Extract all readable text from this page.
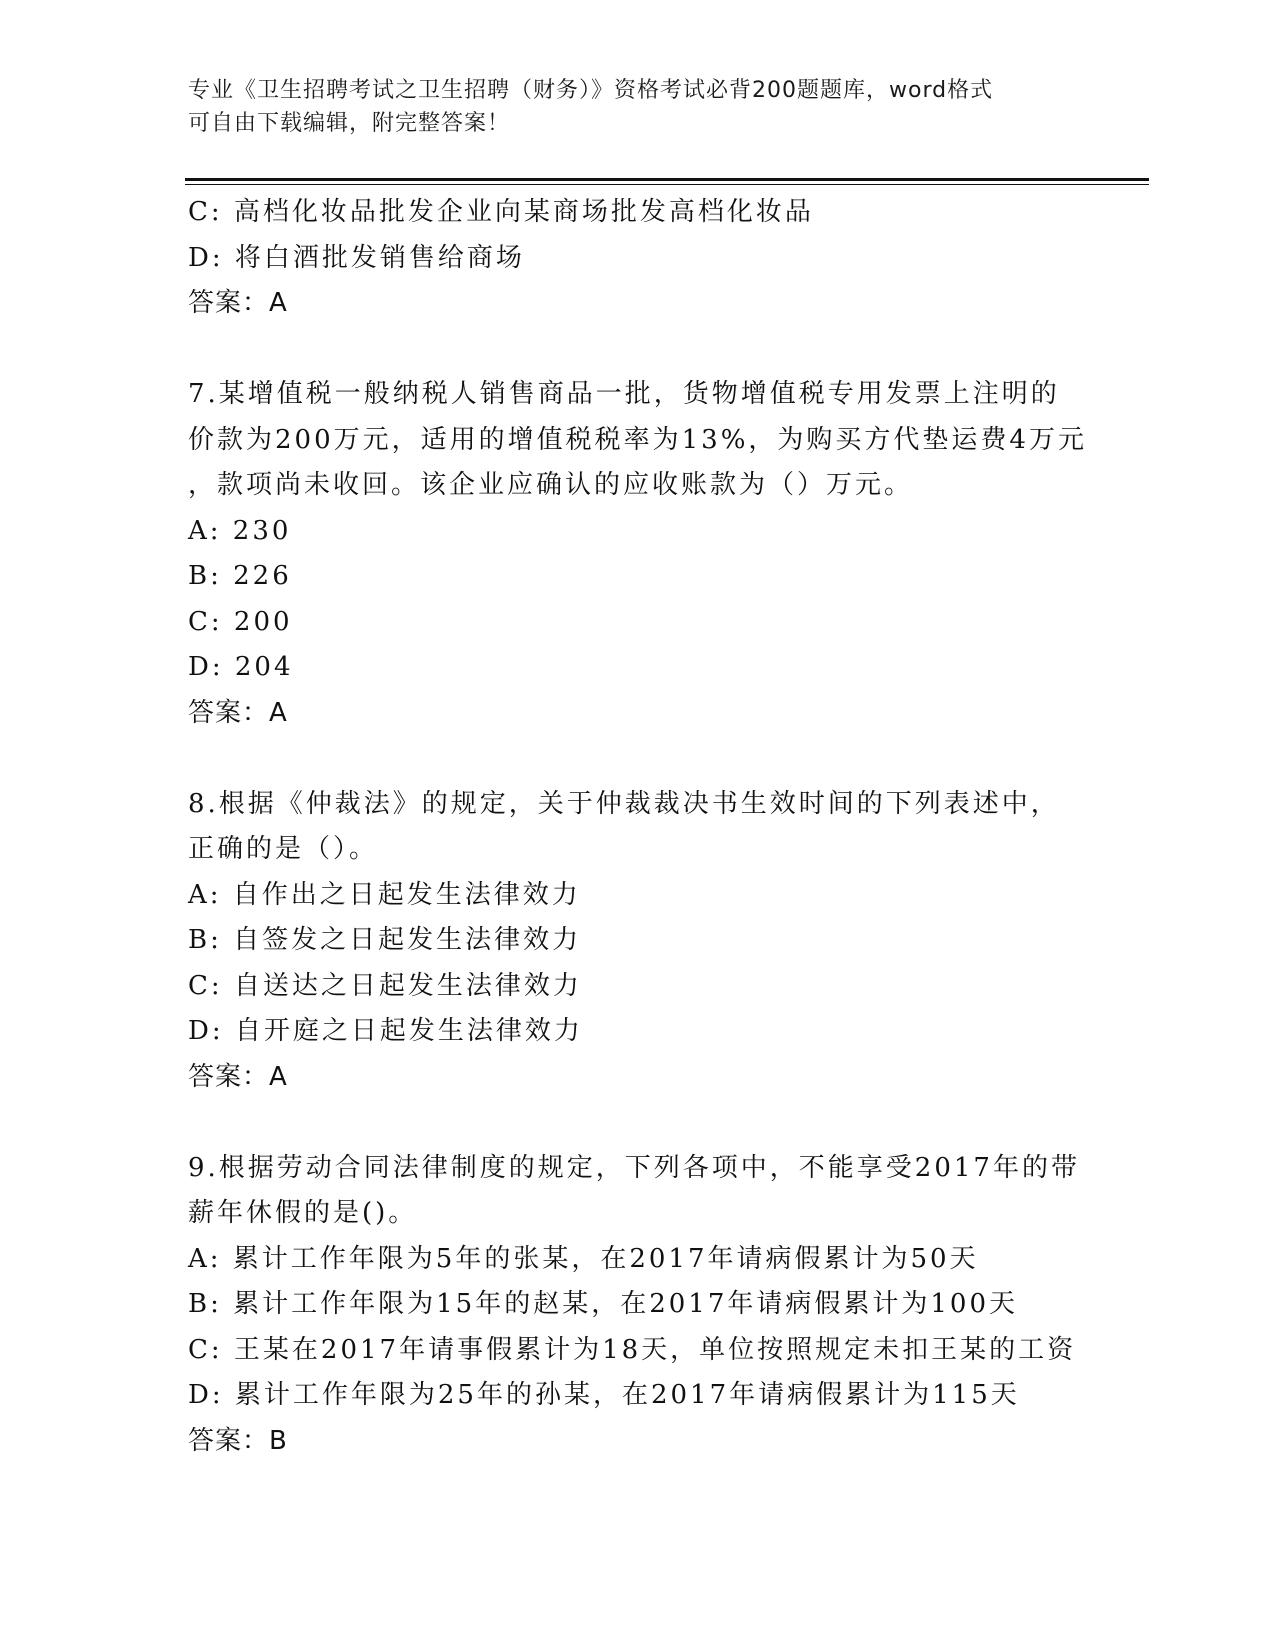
专业《卫生招聘考试之卫生招聘（财务）》资格考试必背200题题库，word格式
可自由下载编辑，附完整答案！
C: 高档化妆品批发企业向某商场批发高档化妆品
D: 将白酒批发销售给商场
答案：A
7.某增值税一般纳税人销售商品一批，货物增值税专用发票上注明的
价款为200万元，适用的增值税税率为13%，为购买方代垫运费4万元
，款项尚未收回。该企业应确认的应收账款为（）万元。
A: 230
B: 226
C: 200
D: 204
答案：A
8.根据《仲裁法》的规定，关于仲裁裁决书生效时间的下列表述中，
正确的是（）。
A: 自作出之日起发生法律效力
B: 自签发之日起发生法律效力
C: 自送达之日起发生法律效力
D: 自开庭之日起发生法律效力
答案：A
9.根据劳动合同法律制度的规定，下列各项中，不能享受2017年的带
薪年休假的是()。
A: 累计工作年限为5年的张某，在2017年请病假累计为50天
B: 累计工作年限为15年的赵某，在2017年请病假累计为100天
C: 王某在2017年请事假累计为18天，单位按照规定未扣王某的工资
D: 累计工作年限为25年的孙某，在2017年请病假累计为115天
答案：B
